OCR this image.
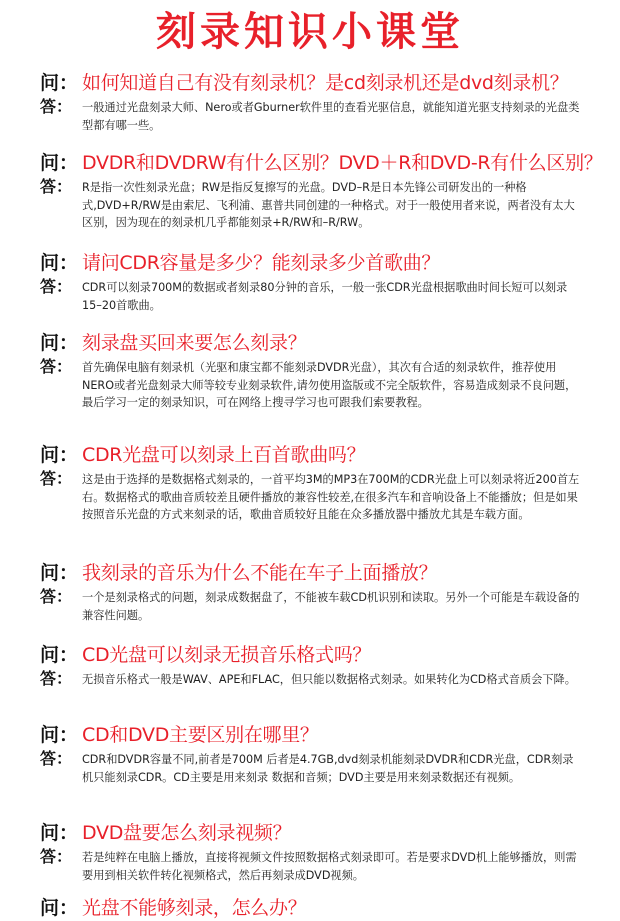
刻录知识小课堂
问： 如何知道自己有没有刻录机？是cd刻录机还是dvd刻录机？
答： 一般通过光盘刻录大师、Nero或者Gburner软件里的查看光驱信息，就能知道光驱支持刻录的光盘类型都有哪一些。
问： DVDR和DVDRW有什么区别？DVD＋R和DVD-R有什么区别？
答： R是指一次性刻录光盘；RW是指反复擦写的光盘。DVD–R是日本先锋公司研发出的一种格式,DVD+R/RW是由索尼、飞利浦、惠普共同创建的一种格式。对于一般使用者来说，两者没有太大区别，因为现在的刻录机几乎都能刻录+R/RW和–R/RW。
问： 请问CDR容量是多少？能刻录多少首歌曲？
答： CDR可以刻录700M的数据或者刻录80分钟的音乐，一般一张CDR光盘根据歌曲时间长短可以刻录15–20首歌曲。
问： 刻录盘买回来要怎么刻录？
答： 首先确保电脑有刻录机（光驱和康宝都不能刻录DVDR光盘），其次有合适的刻录软件，推荐使用NERO或者光盘刻录大师等较专业刻录软件,请勿使用盗版或不完全版软件，容易造成刻录不良问题，最后学习一定的刻录知识，可在网络上搜寻学习也可跟我们索要教程。
问： CDR光盘可以刻录上百首歌曲吗？
答： 这是由于选择的是数据格式刻录的，一首平均3M的MP3在700M的CDR光盘上可以刻录将近200首左右。数据格式的歌曲音质较差且硬件播放的兼容性较差,在很多汽车和音响设备上不能播放；但是如果按照音乐光盘的方式来刻录的话，歌曲音质较好且能在众多播放器中播放尤其是车载方面。
问： 我刻录的音乐为什么不能在车子上面播放？
答： 一个是刻录格式的问题，刻录成数据盘了，不能被车载CD机识别和读取。另外一个可能是车载设备的兼容性问题。
问： CD光盘可以刻录无损音乐格式吗？
答： 无损音乐格式一般是WAV、APE和FLAC，但只能以数据格式刻录。如果转化为CD格式音质会下降。
问： CD和DVD主要区别在哪里？
答： CDR和DVDR容量不同,前者是700M 后者是4.7GB,dvd刻录机能刻录DVDR和CDR光盘，CDR刻录机只能刻录CDR。CD主要是用来刻录 数据和音频；DVD主要是用来刻录数据还有视频。
问： DVD盘要怎么刻录视频？
答： 若是纯粹在电脑上播放，直接将视频文件按照数据格式刻录即可。若是要求DVD机上能够播放，则需要用到相关软件转化视频格式，然后再刻录成DVD视频。
问： 光盘不能够刻录，怎么办？
